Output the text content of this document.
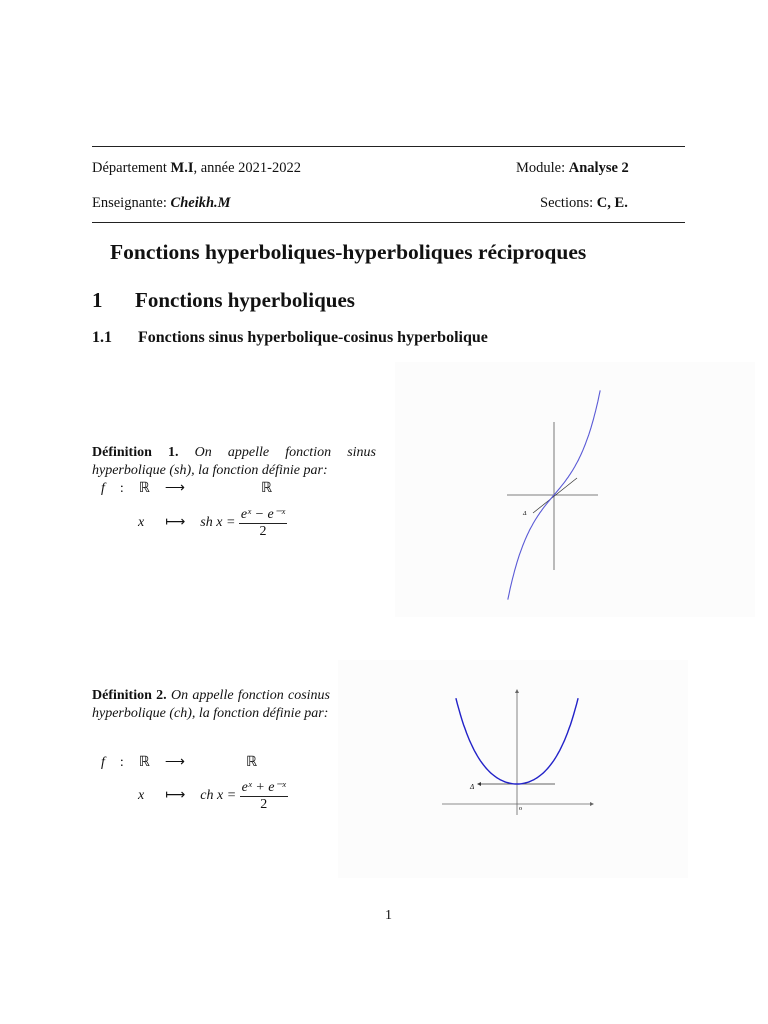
Département M.I, année 2021-2022	Module: Analyse 2
Enseignante: Cheikh.M	Sections: C, E.
Fonctions hyperboliques-hyperboliques réciproques
1 Fonctions hyperboliques
1.1 Fonctions sinus hyperbolique-cosinus hyperbolique
Définition 1. On appelle fonction sinus hyperbolique (sh), la fonction définie par:
f : ℝ ⟶	ℝ
x ⟼ sh $x = \frac{\text{eˣ − e⁻ˣ}}{2}$	Δ
Définition 2. On appelle fonction cosinus hyperbolique (ch), la fonction définie par:
f : ℝ ⟶	ℝ
x ⟼ ch $x = \frac{\text{eˣ + e⁻ˣ}}{2}$	Δ
o
1
